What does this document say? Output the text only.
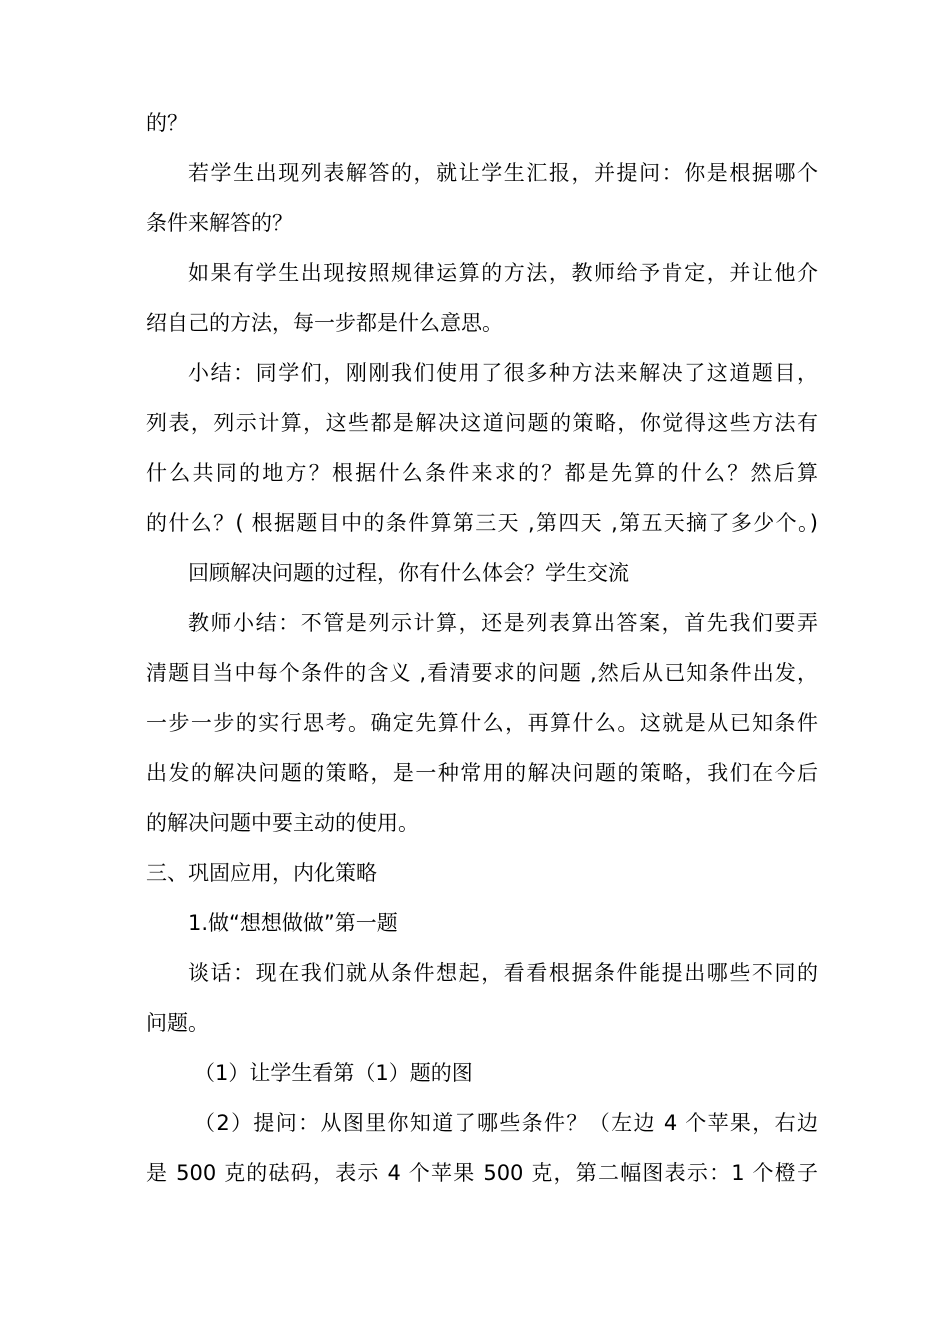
的？
若学生出现列表解答的，就让学生汇报，并提问：你是根据哪个
条件来解答的？
如果有学生出现按照规律运算的方法，教师给予肯定，并让他介
绍自己的方法，每一步都是什么意思。
小结：同学们，刚刚我们使用了很多种方法来解决了这道题目，
列表，列示计算，这些都是解决这道问题的策略，你觉得这些方法有
什么共同的地方？根据什么条件来求的？都是先算的什么？然后算
的什么？( 根据题目中的条件算第三天 ,第四天 ,第五天摘了多少个。)
回顾解决问题的过程，你有什么体会？学生交流
教师小结：不管是列示计算，还是列表算出答案，首先我们要弄
清题目当中每个条件的含义 ,看清要求的问题 ,然后从已知条件出发，
一步一步的实行思考。确定先算什么，再算什么。这就是从已知条件
出发的解决问题的策略，是一种常用的解决问题的策略，我们在今后
的解决问题中要主动的使用。
三、巩固应用，内化策略
1.做“想想做做”第一题
谈话：现在我们就从条件想起，看看根据条件能提出哪些不同的
问题。
（1）让学生看第（1）题的图
（2）提问：从图里你知道了哪些条件？（左边 4 个苹果，右边
是 500 克的砝码，表示 4 个苹果 500 克，第二幅图表示：1 个橙子
